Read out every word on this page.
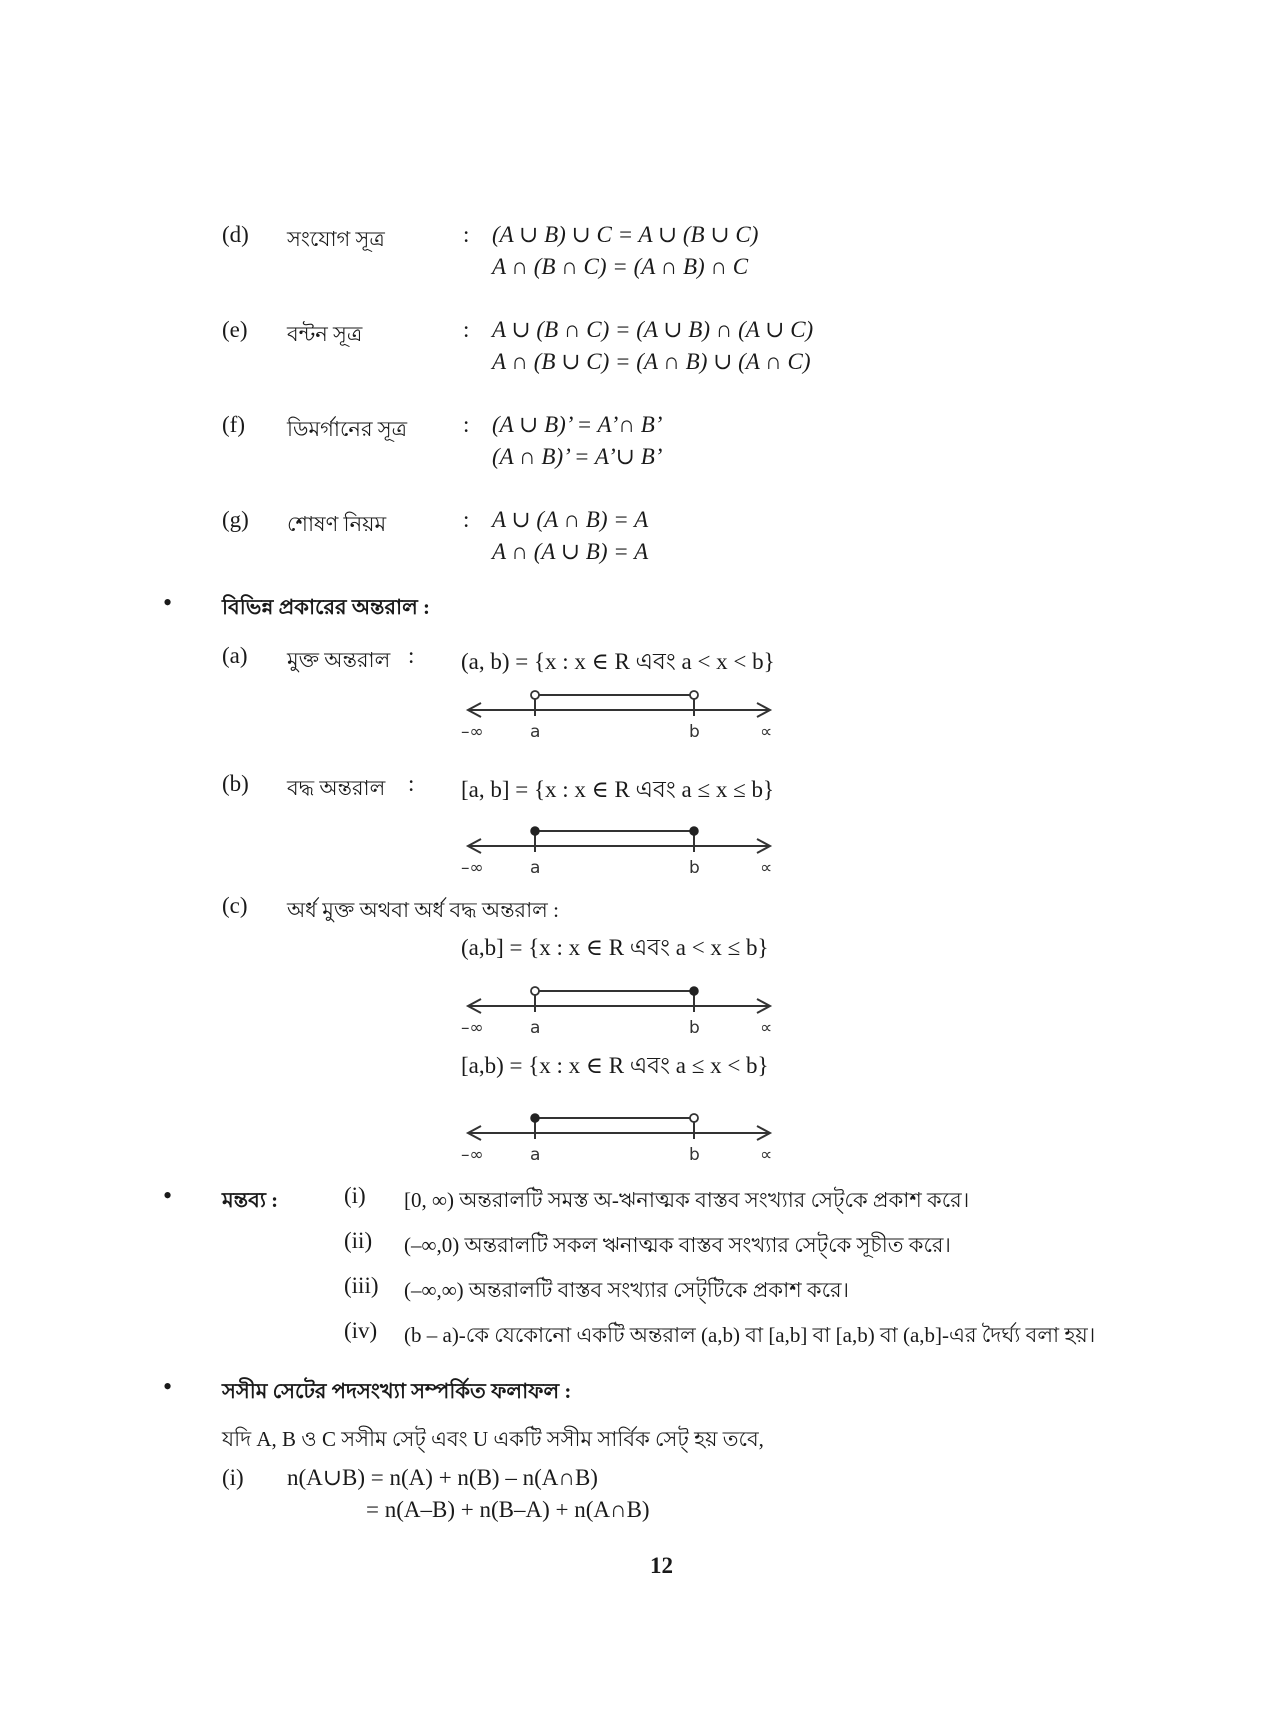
(d) সংযোগ সূত্র	: (A ∪ B) ∪ C = A ∪ (B ∪ C)
A ∩ (B ∩ C) = (A ∩ B) ∩ C
(e) বন্টন সূত্র	: A ∪ (B ∩ C) = (A ∪ B) ∩ (A ∪ C)
A ∩ (B ∪ C) = (A ∩ B) ∪ (A ∩ C)
(f) ডিমর্গানের সূত্র : (A ∪ B)’ = A’∩ B’
(A ∩ B)’ = A’∪ B’
(g) শোষণ নিয়ম	: A ∪ (A ∩ B) = A
A ∩ (A ∪ B) = A
• বিভিন্ন প্রকারের অন্তরাল :
(a) মুক্ত অন্তরাল : (a, b) = {x : x ∈ R এবং a < x < b}
–∞	a	b	∝
(b) বদ্ধ অন্তরাল : [a, b] = {x : x ∈ R এবং a ≤ x ≤ b}
–∞	a	b	∝
(c) অর্ধ মুক্ত অথবা অর্ধ বদ্ধ অন্তরাল :
(a,b] = {x : x ∈ R এবং a < x ≤ b}
–∞	a	b	∝
[a,b) = {x : x ∈ R এবং a ≤ x < b}
–∞	a	b	∝
• মন্তব্য :	(i) [0, ∞) অন্তরালটি সমস্ত অ-ঋনাত্মক বাস্তব সংখ্যার সেট্‌কে প্রকাশ করে।
(ii) (–∞,0) অন্তরালটি সকল ঋনাত্মক বাস্তব সংখ্যার সেট্‌কে সূচীত করে।
(iii) (–∞,∞) অন্তরালটি বাস্তব সংখ্যার সেট্‌টিকে প্রকাশ করে।
(iv) (b – a)-কে যেকোনো একটি অন্তরাল (a,b) বা [a,b] বা [a,b) বা (a,b]-এর দৈর্ঘ্য বলা হয়।
• সসীম সেটের পদসংখ্যা সম্পর্কিত ফলাফল :
যদি A, B ও C সসীম সেট্‌ এবং U একটি সসীম সার্বিক সেট্‌ হয় তবে,
(i) n(A∪B) = n(A) + n(B) – n(A∩B)
= n(A–B) + n(B–A) + n(A∩B)
12
